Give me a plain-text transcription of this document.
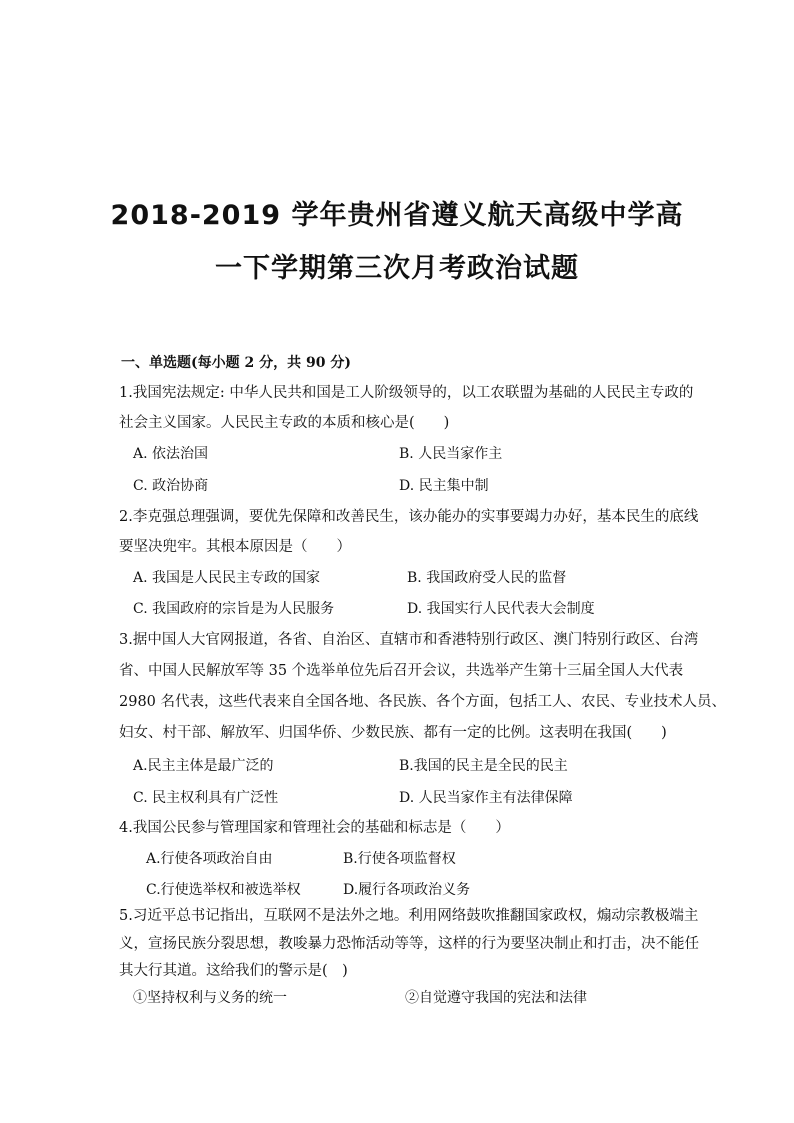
2018-2019 学年贵州省遵义航天高级中学高
一下学期第三次月考政治试题
一、单选题(每小题 2 分，共 90 分)
1.我国宪法规定: 中华人民共和国是工人阶级领导的，以工农联盟为基础的人民民主专政的
社会主义国家。人民民主专政的本质和核心是(　　)
A. 依法治国	B. 人民当家作主
C. 政治协商	D. 民主集中制
2.李克强总理强调，要优先保障和改善民生，该办能办的实事要竭力办好，基本民生的底线
要坚决兜牢。其根本原因是（　　）
A. 我国是人民民主专政的国家	B. 我国政府受人民的监督
C. 我国政府的宗旨是为人民服务	D. 我国实行人民代表大会制度
3.据中国人大官网报道，各省、自治区、直辖市和香港特别行政区、澳门特别行政区、台湾
省、中国人民解放军等 35 个选举单位先后召开会议，共选举产生第十三届全国人大代表
2980 名代表，这些代表来自全国各地、各民族、各个方面，包括工人、农民、专业技术人员、
妇女、村干部、解放军、归国华侨、少数民族、都有一定的比例。这表明在我国(　　)
A.民主主体是最广泛的	B.我国的民主是全民的民主
C. 民主权利具有广泛性	D. 人民当家作主有法律保障
4.我国公民参与管理国家和管理社会的基础和标志是（　　）
A.行使各项政治自由	B.行使各项监督权
C.行使选举权和被选举权	D.履行各项政治义务
5.习近平总书记指出，互联网不是法外之地。利用网络鼓吹推翻国家政权，煽动宗教极端主
义，宣扬民族分裂思想，教唆暴力恐怖活动等等，这样的行为要坚决制止和打击，决不能任
其大行其道。这给我们的警示是(　)
①坚持权利与义务的统一	②自觉遵守我国的宪法和法律
